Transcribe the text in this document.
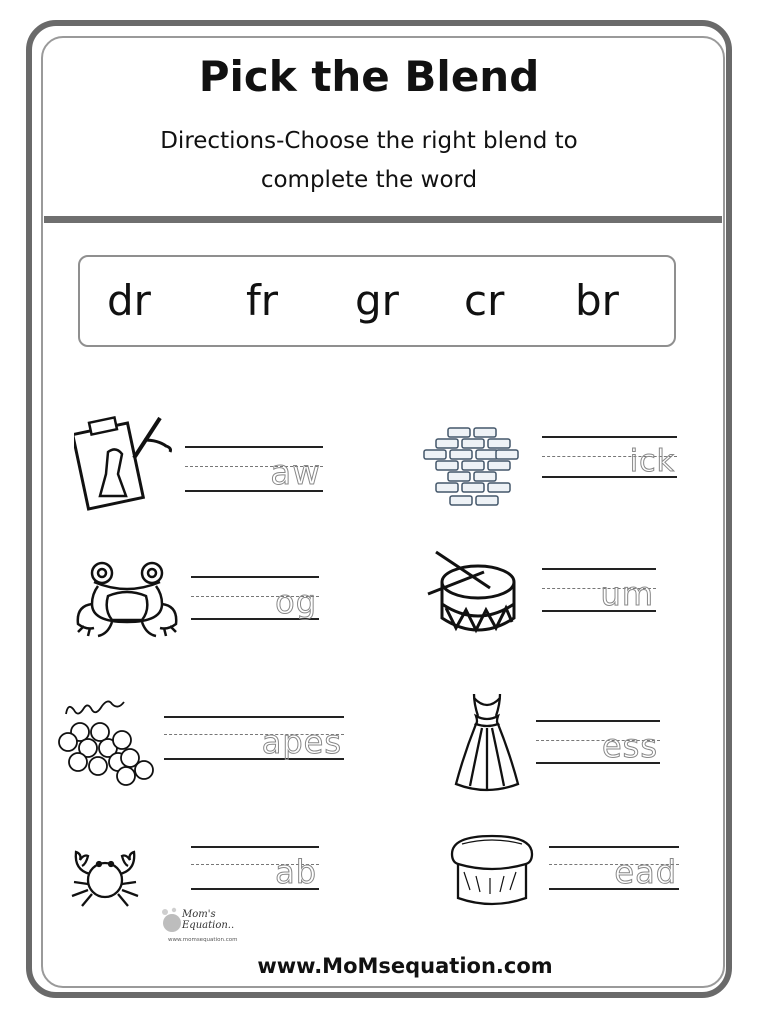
Pick the Blend
Directions-Choose the right blend to
complete the word
dr fr gr cr br
aw	ick
og	um
apes	ess
ab	ead
Mom's
Equation..
www.momsequation.com
www.MoMsequation.com
